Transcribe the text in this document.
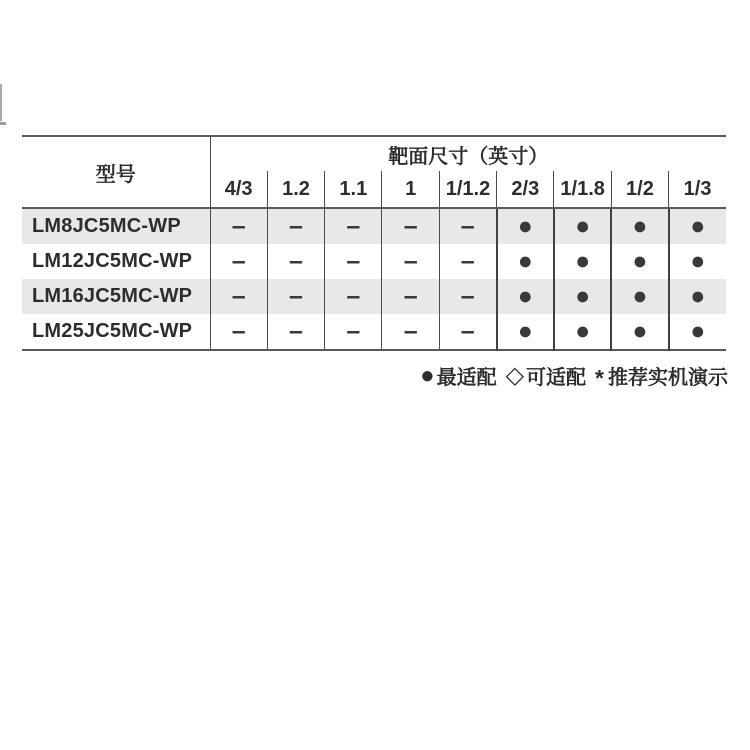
型号	靶面尺寸（英寸）								
	4/3	1.2	1.1	1	1/1.2	2/3	1/1.8	1/2	1/3
LM8JC5MC-WP	–	–	–	–	–	●	●	●	●
LM12JC5MC-WP	–	–	–	–	–	●	●	●	●
LM16JC5MC-WP	–	–	–	–	–	●	●	●	●
LM25JC5MC-WP	–	–	–	–	–	●	●	●	●
● 最适配 ◇ 可适配 * 推荐实机演示
